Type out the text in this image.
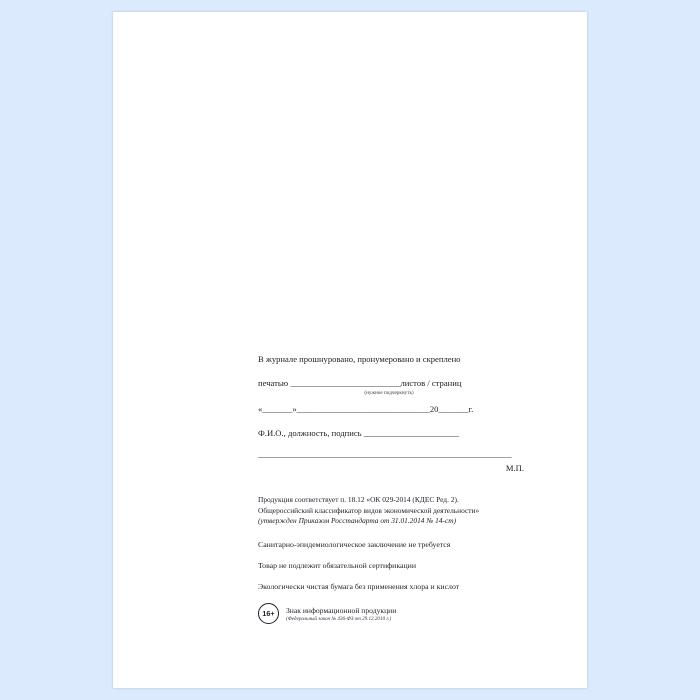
В журнале прошнуровано, пронумеровано и скреплено
печатью _____________________________листов / страниц
(нужное подчеркнуть)
«_______»_______________________________20_______г.
Ф.И.О., должность, подпись _________________________
___________________________________________________________
М.П.
Продукция соответствует п. 18.12 «ОК 029-2014 (КДЕС Ред. 2).
Общероссийский классификатор видов экономической деятельности»
(утвержден Приказом Росстандарта от 31.01.2014 № 14-ст)
Санитарно-эпидемиологическое заключение не требуется
Товар не подлежит обязательной сертификации
Экологически чистая бумага без применения хлора и кислот
16+	Знак информационной продукции
(Федеральный закон № 436-ФЗ от 29.12.2010 г.)
